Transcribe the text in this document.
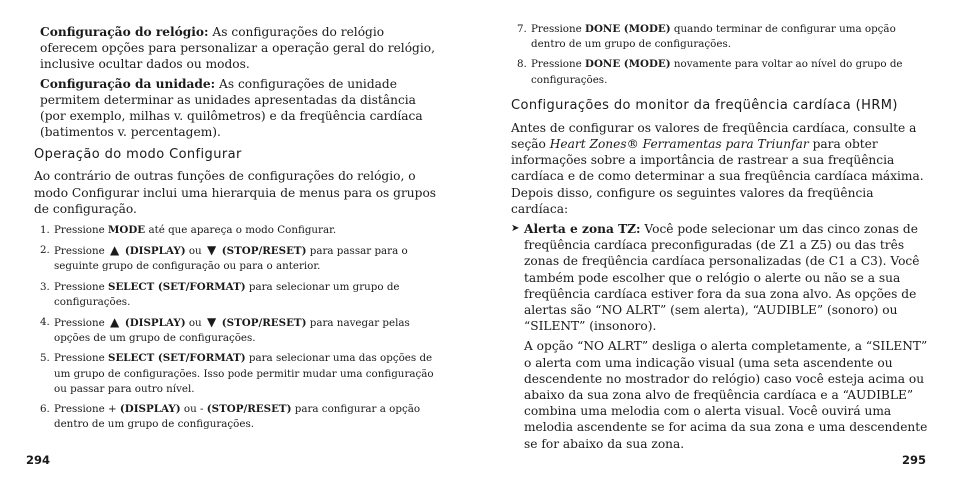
Configuração do relógio: As configurações do relógio oferecem opções para personalizar a operação geral do relógio, inclusive ocultar dados ou modos.

Configuração da unidade: As configurações de unidade permitem determinar as unidades apresentadas da distância (por exemplo, milhas v. quilômetros) e da freqüência cardíaca (batimentos v. percentagem).

Operação do modo Configurar

Ao contrário de outras funções de configurações do relógio, o modo Configurar inclui uma hierarquia de menus para os grupos de configuração.

1. Pressione MODE até que apareça o modo Configurar.
2. Pressione ▲ (DISPLAY) ou ▼ (STOP/RESET) para passar para o seguinte grupo de configuração ou para o anterior.
3. Pressione SELECT (SET/FORMAT) para selecionar um grupo de configurações.
4. Pressione ▲ (DISPLAY) ou ▼ (STOP/RESET) para navegar pelas opções de um grupo de configurações.
5. Pressione SELECT (SET/FORMAT) para selecionar uma das opções de um grupo de configurações. Isso pode permitir mudar uma configuração ou passar para outro nível.
6. Pressione + (DISPLAY) ou - (STOP/RESET) para configurar a opção dentro de um grupo de configurações.
294
7. Pressione DONE (MODE) quando terminar de configurar uma opção dentro de um grupo de configurações.
8. Pressione DONE (MODE) novamente para voltar ao nível do grupo de configurações.
Configurações do monitor da freqüência cardíaca (HRM)

Antes de configurar os valores de freqüência cardíaca, consulte a seção Heart Zones® Ferramentas para Triunfar para obter informações sobre a importância de rastrear a sua freqüência cardíaca e de como determinar a sua freqüência cardíaca máxima. Depois disso, configure os seguintes valores da freqüência cardíaca:

➤ Alerta e zona TZ: Você pode selecionar um das cinco zonas de freqüência cardíaca preconfiguradas (de Z1 a Z5) ou das três zonas de freqüência cardíaca personalizadas (de C1 a C3). Você também pode escolher que o relógio o alerte ou não se a sua freqüência cardíaca estiver fora da sua zona alvo. As opções de alertas são “NO ALRT” (sem alerta), “AUDIBLE” (sonoro) ou “SILENT” (insonoro).

A opção “NO ALRT” desliga o alerta completamente, a “SILENT” o alerta com uma indicação visual (uma seta ascendente ou descendente no mostrador do relógio) caso você esteja acima ou abaixo da sua zona alvo de freqüência cardíaca e a “AUDIBLE” combina uma melodia com o alerta visual. Você ouvirá uma melodia ascendente se for acima da sua zona e uma descendente se for abaixo da sua zona.

295
